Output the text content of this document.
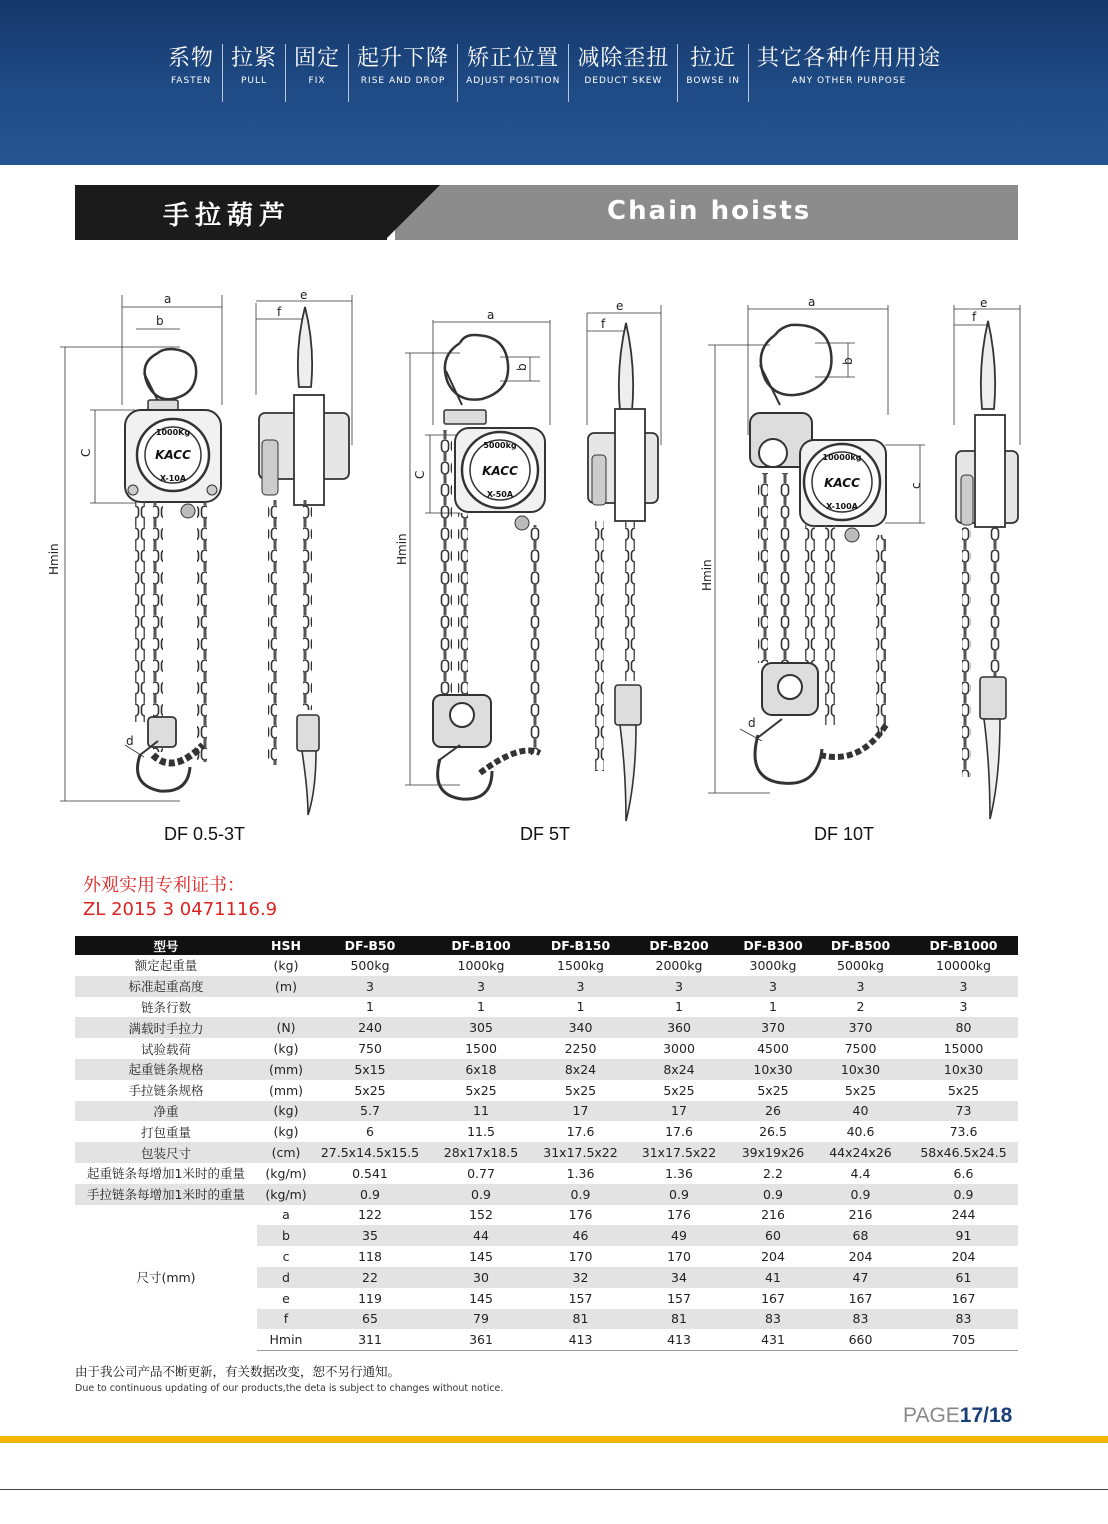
系物
FASTEN
拉紧
PULL
固定
FIX
起升下降
RISE AND DROP
矫正位置
ADJUST POSITION
减除歪扭
DEDUCT SKEW
拉近
BOWSE IN
其它各种作用用途
ANY OTHER PURPOSE
手拉葫芦	Chain hoists
a
b
C
Hmin
d
e
f	a
b
C
Hmin
e
f
a
b
c
Hmin
d
e
f
1000Kg
KACC
X-10A
5000kg
KACC
X-50A
10000kg
KACC
X-100A
DF 0.5-3T	DF 5T	DF 10T
外观实用专利证书：
ZL 2015 3 0471116.9
型号	HSH	DF-B50	DF-B100	DF-B150	DF-B200	DF-B300	DF-B500	DF-B1000
额定起重量	(kg)	500kg	1000kg	1500kg	2000kg	3000kg	5000kg	10000kg
标准起重高度	(m)	3	3	3	3	3	3	3
链条行数		1	1	1	1	1	2	3
满载时手拉力	(N)	240	305	340	360	370	370	80
试验载荷	(kg)	750	1500	2250	3000	4500	7500	15000
起重链条规格	(mm)	5x15	6x18	8x24	8x24	10x30	10x30	10x30
手拉链条规格	(mm)	5x25	5x25	5x25	5x25	5x25	5x25	5x25
净重	(kg)	5.7	11	17	17	26	40	73
打包重量	(kg)	6	11.5	17.6	17.6	26.5	40.6	73.6
包装尺寸	(cm)	27.5x14.5x15.5	28x17x18.5	31x17.5x22	31x17.5x22	39x19x26	44x24x26	58x46.5x24.5
起重链条每增加1米时的重量	(kg/m)	0.541	0.77	1.36	1.36	2.2	4.4	6.6
手拉链条每增加1米时的重量	(kg/m)	0.9	0.9	0.9	0.9	0.9	0.9	0.9
尺寸(mm)	a	122	152	176	176	216	216	244
	b	35	44	46	49	60	68	91
	c	118	145	170	170	204	204	204
	d	22	30	32	34	41	47	61
	e	119	145	157	157	167	167	167
	f	65	79	81	81	83	83	83
	Hmin	311	361	413	413	431	660	705
由于我公司产品不断更新，有关数据改变，恕不另行通知。
Due to continuous updating of our products,the deta is subject to changes without notice.
PAGE17/18
